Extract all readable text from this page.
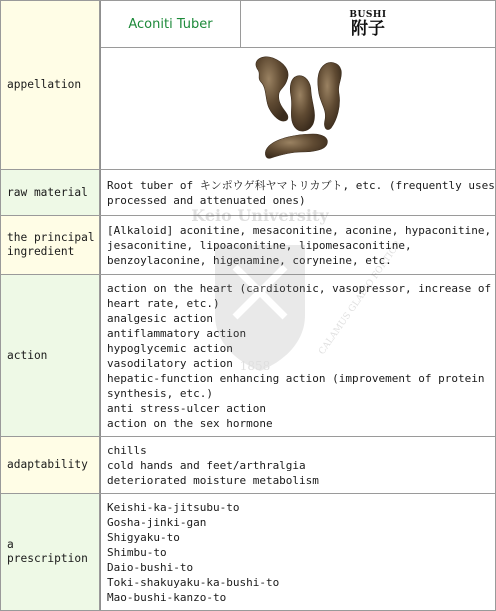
appellation
Aconiti Tuber
BUSHI
附子
raw material
Root tuber of キンポウゲ科ヤマトリカブト, etc. (frequently uses
processed and attenuated ones)
the principal
ingredient
[Alkaloid] aconitine, mesaconitine, aconine, hypaconitine,
jesaconitine, lipoaconitine, lipomesaconitine,
benzoylaconine, higenamine, coryneine, etc.
action
action on the heart (cardiotonic, vasopressor, increase of
heart rate, etc.)
analgesic action
antiflammatory action
hypoglycemic action
vasodilatory action
hepatic-function enhancing action (improvement of protein
synthesis, etc.)
anti stress-ulcer action
action on the sex hormone
adaptability
chills
cold hands and feet/arthralgia
deteriorated moisture metabolism
a prescription
Keishi-ka-jitsubu-to
Gosha-jinki-gan
Shigyaku-to
Shimbu-to
Daio-bushi-to
Toki-shakuyaku-ka-bushi-to
Mao-bushi-kanzo-to
